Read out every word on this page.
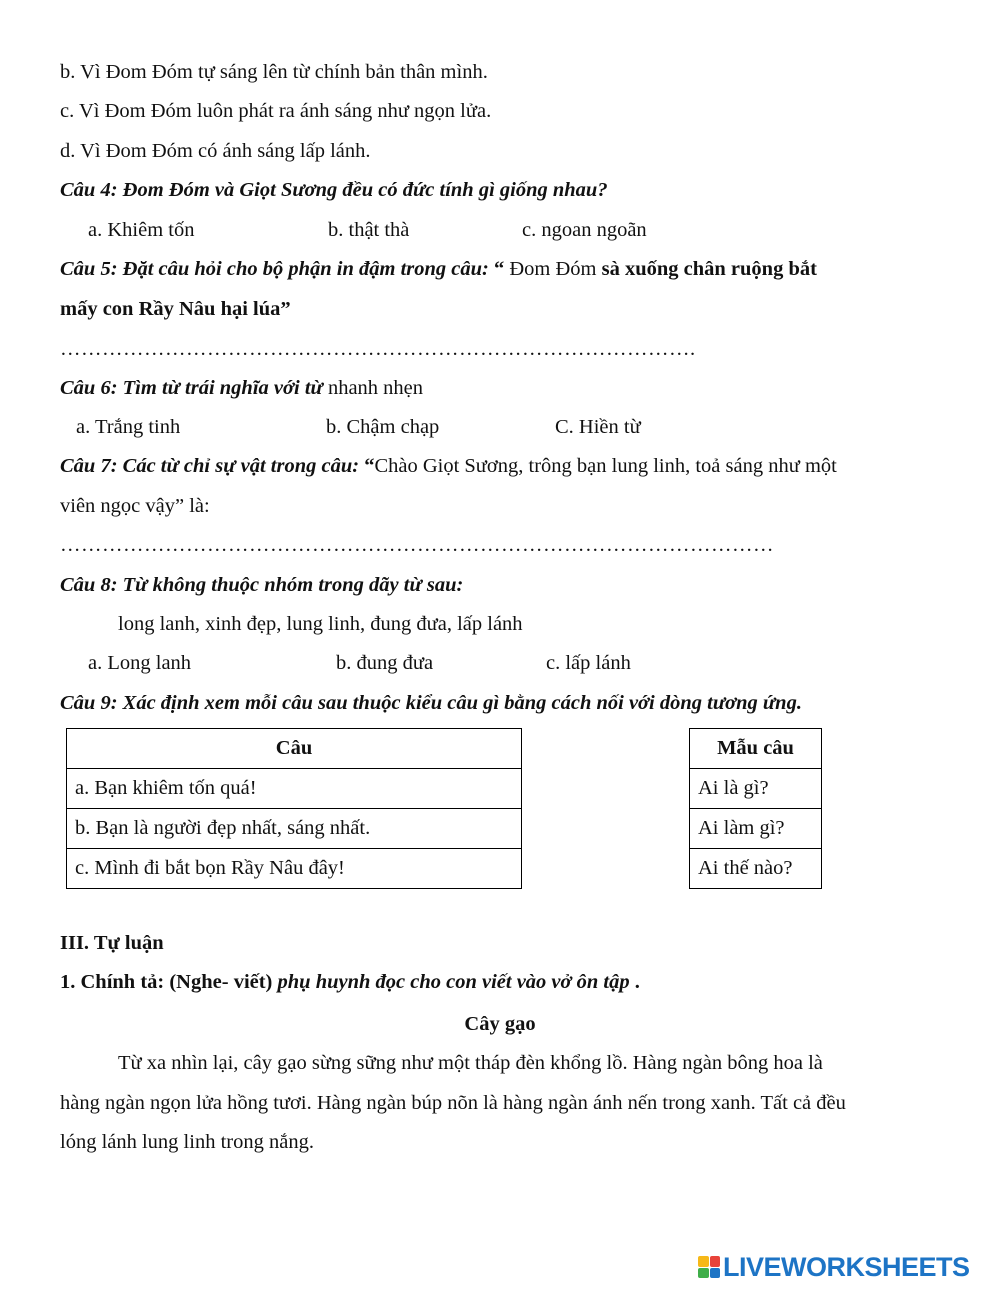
b. Vì Đom Đóm tự sáng lên từ chính bản thân mình.
c. Vì Đom Đóm luôn phát ra ánh sáng như ngọn lửa.
d. Vì Đom Đóm có ánh sáng lấp lánh.
Câu 4: Đom Đóm và Giọt Sương đều có đức tính gì giống nhau?
a. Khiêm tốn	b. thật thà	c. ngoan ngoãn
Câu 5: Đặt câu hỏi cho bộ phận in đậm trong câu: “ Đom Đóm sà xuống chân ruộng bắt
mấy con Rầy Nâu hại lúa”
……………………………………………………………………………….
Câu 6: Tìm từ trái nghĩa với từ nhanh nhẹn
a. Trắng tinh	b. Chậm chạp	C. Hiền từ
Câu 7: Các từ chỉ sự vật trong câu: “Chào Giọt Sương, trông bạn lung linh, toả sáng như một
viên ngọc vậy” là:
…………………………………………………………………………………………
Câu 8: Từ không thuộc nhóm trong dãy từ sau:
long lanh, xinh đẹp, lung linh, đung đưa, lấp lánh
a. Long lanh	b. đung đưa	c. lấp lánh
Câu 9: Xác định xem mỗi câu sau thuộc kiểu câu gì bằng cách nối với dòng tương ứng.
Câu
a. Bạn khiêm tốn quá!
b. Bạn là người đẹp nhất, sáng nhất.
c. Mình đi bắt bọn Rầy Nâu đây!
Mẫu câu
Ai là gì?
Ai làm gì?
Ai thế nào?
III. Tự luận
1. Chính tả: (Nghe- viết) phụ huynh đọc cho con viết vào vở ôn tập .
Cây gạo
Từ xa nhìn lại, cây gạo sừng sững như một tháp đèn khổng lồ. Hàng ngàn bông hoa là
hàng ngàn ngọn lửa hồng tươi. Hàng ngàn búp nõn là hàng ngàn ánh nến trong xanh. Tất cả đều
lóng lánh lung linh trong nắng.
LIVEWORKSHEETS
